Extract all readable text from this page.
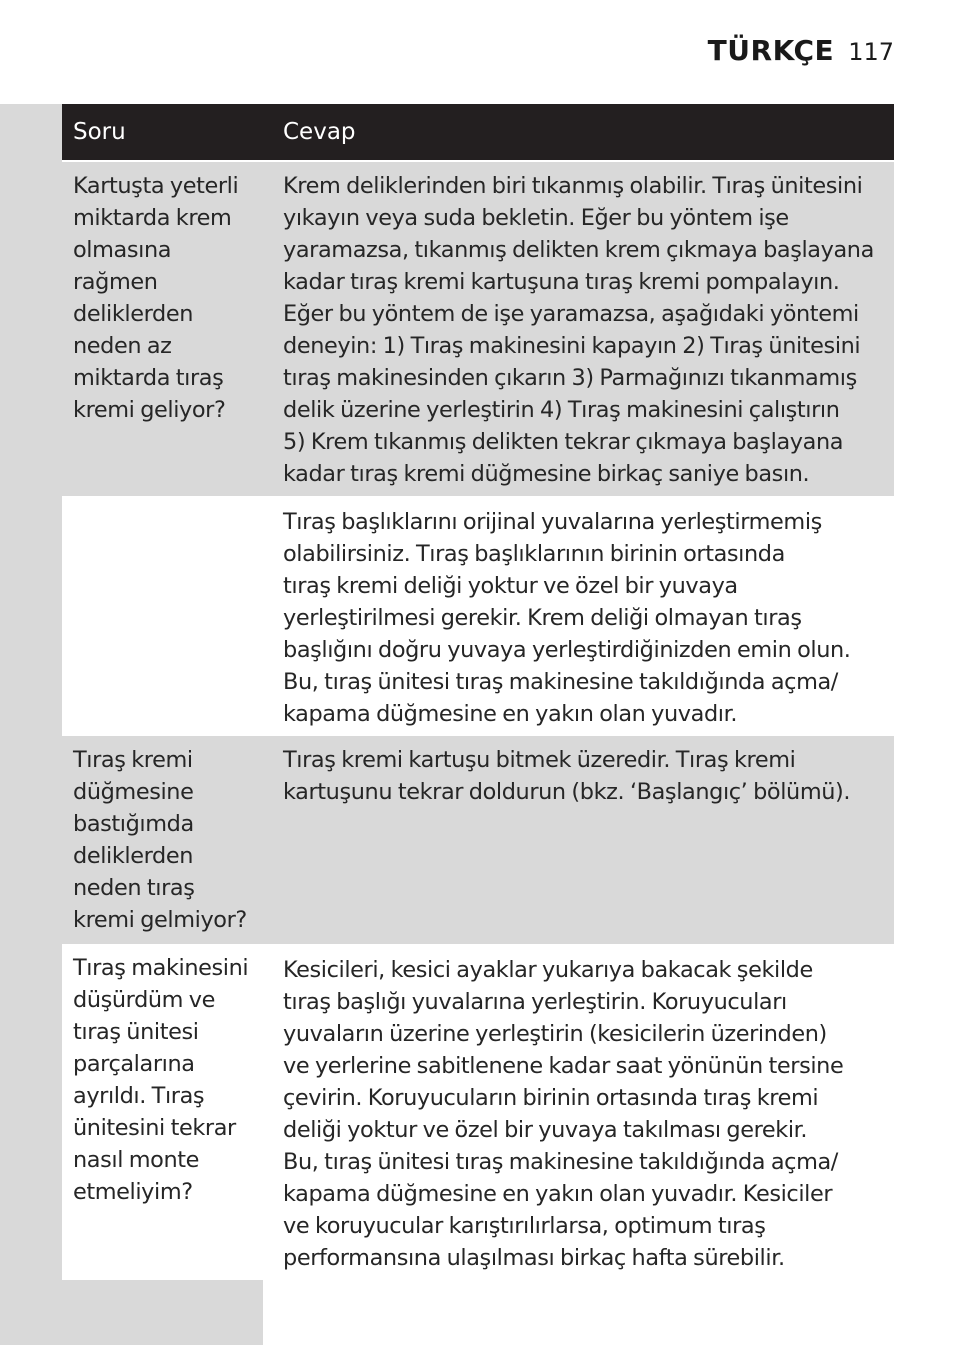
TÜRKÇE 117
Soru	Cevap
Kartuşta yeterli
miktarda krem
olmasına
rağmen
deliklerden
neden az
miktarda tıraş
kremi geliyor?
Krem deliklerinden biri tıkanmış olabilir. Tıraş ünitesini
yıkayın veya suda bekletin. Eğer bu yöntem işe
yaramazsa, tıkanmış delikten krem çıkmaya başlayana
kadar tıraş kremi kartuşuna tıraş kremi pompalayın.
Eğer bu yöntem de işe yaramazsa, aşağıdaki yöntemi
deneyin: 1) Tıraş makinesini kapayın 2) Tıraş ünitesini
tıraş makinesinden çıkarın 3) Parmağınızı tıkanmamış
delik üzerine yerleştirin 4) Tıraş makinesini çalıştırın
5) Krem tıkanmış delikten tekrar çıkmaya başlayana
kadar tıraş kremi düğmesine birkaç saniye basın.
Tıraş başlıklarını orijinal yuvalarına yerleştirmemiş
olabilirsiniz. Tıraş başlıklarının birinin ortasında
tıraş kremi deliği yoktur ve özel bir yuvaya
yerleştirilmesi gerekir. Krem deliği olmayan tıraş
başlığını doğru yuvaya yerleştirdiğinizden emin olun.
Bu, tıraş ünitesi tıraş makinesine takıldığında açma/
kapama düğmesine en yakın olan yuvadır.
Tıraş kremi
düğmesine
bastığımda
deliklerden
neden tıraş
kremi gelmiyor?
Tıraş kremi kartuşu bitmek üzeredir. Tıraş kremi
kartuşunu tekrar doldurun (bkz. ‘Başlangıç’ bölümü).
Tıraş makinesini
düşürdüm ve
tıraş ünitesi
parçalarına
ayrıldı. Tıraş
ünitesini tekrar
nasıl monte
etmeliyim?
Kesicileri, kesici ayaklar yukarıya bakacak şekilde
tıraş başlığı yuvalarına yerleştirin. Koruyucuları
yuvaların üzerine yerleştirin (kesicilerin üzerinden)
ve yerlerine sabitlenene kadar saat yönünün tersine
çevirin. Koruyucuların birinin ortasında tıraş kremi
deliği yoktur ve özel bir yuvaya takılması gerekir.
Bu, tıraş ünitesi tıraş makinesine takıldığında açma/
kapama düğmesine en yakın olan yuvadır. Kesiciler
ve koruyucular karıştırılırlarsa, optimum tıraş
performansına ulaşılması birkaç hafta sürebilir.
